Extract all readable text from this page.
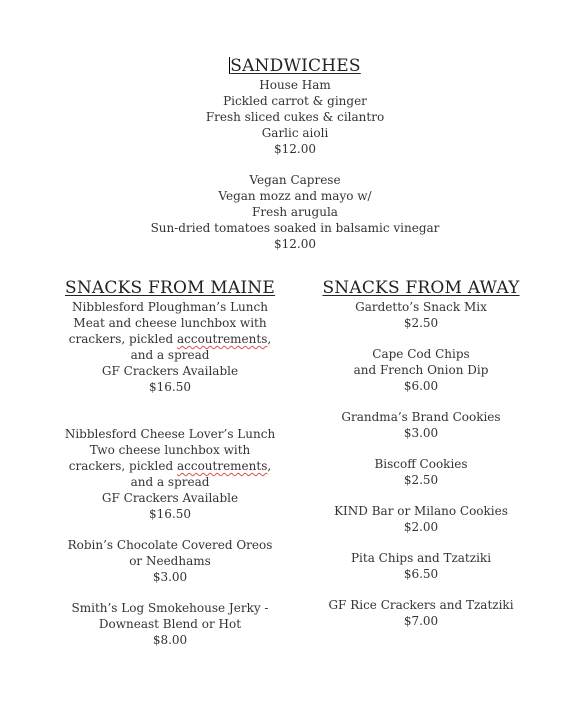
SANDWICHES
House Ham
Pickled carrot & ginger
Fresh sliced cukes & cilantro
Garlic aioli
$12.00
Vegan Caprese
Vegan mozz and mayo w/
Fresh arugula
Sun-dried tomatoes soaked in balsamic vinegar
$12.00
SNACKS FROM MAINE
Nibblesford Ploughman’s Lunch
Meat and cheese lunchbox with
crackers, pickled accoutrements,
and a spread
GF Crackers Available
$16.50
Nibblesford Cheese Lover’s Lunch
Two cheese lunchbox with
crackers, pickled accoutrements,
and a spread
GF Crackers Available
$16.50
Robin’s Chocolate Covered Oreos
or Needhams
$3.00
Smith’s Log Smokehouse Jerky -
Downeast Blend or Hot
$8.00
SNACKS FROM AWAY
Gardetto’s Snack Mix
$2.50
Cape Cod Chips
and French Onion Dip
$6.00
Grandma’s Brand Cookies
$3.00
Biscoff Cookies
$2.50
KIND Bar or Milano Cookies
$2.00
Pita Chips and Tzatziki
$6.50
GF Rice Crackers and Tzatziki
$7.00
